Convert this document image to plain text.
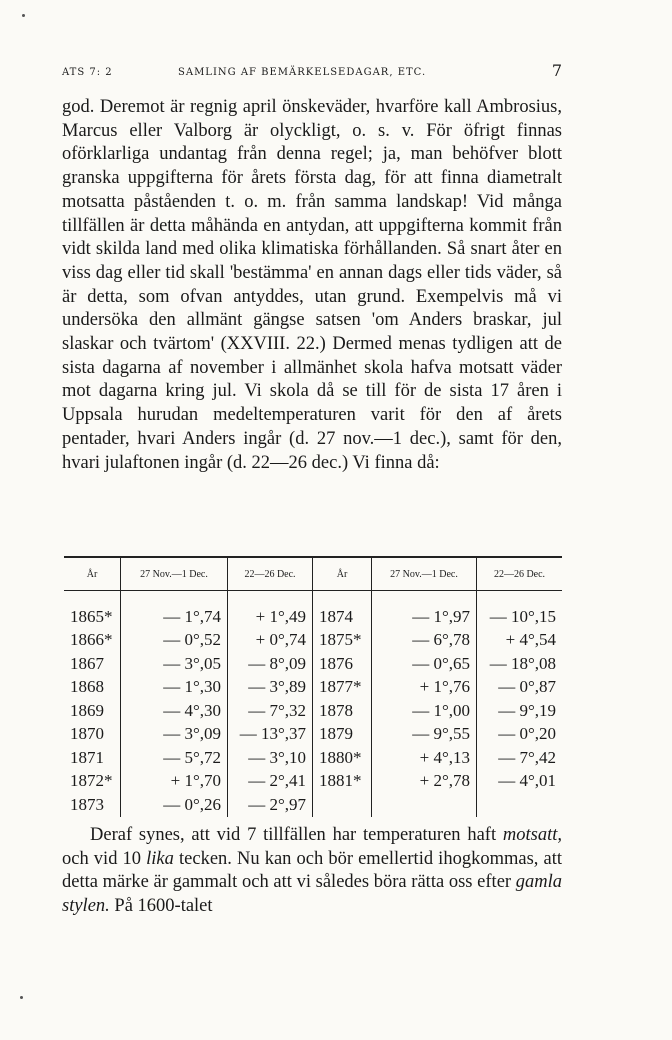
ATS 7: 2	SAMLING AF BEMÄRKELSEDAGAR, ETC.	7

god. Deremot är regnig april önskeväder, hvarföre kall Ambrosius, Marcus eller Valborg är olyckligt, o. s. v. För öfrigt finnas oförklarliga undantag från denna regel; ja, man behöfver blott granska uppgifterna för årets första dag, för att finna diametralt motsatta påståenden t. o. m. från samma landskap! Vid många tillfällen är detta måhända en antydan, att uppgifterna kommit från vidt skilda land med olika klimatiska förhållanden. Så snart åter en viss dag eller tid skall 'bestämma' en annan dags eller tids väder, så är detta, som ofvan antyddes, utan grund. Exempelvis må vi undersöka den allmänt gängse satsen 'om Anders braskar, jul slaskar och tvärtom' (XXVIII. 22.) Dermed menas tydligen att de sista dagarna af november i allmänhet skola hafva motsatt väder mot dagarna kring jul. Vi skola då se till för de sista 17 åren i Uppsala hurudan medeltemperaturen varit för den af årets pentader, hvari Anders ingår (d. 27 nov.—1 dec.), samt för den, hvari julaftonen ingår (d. 22—26 dec.) Vi finna då:

År	27 Nov.—1 Dec.	22—26 Dec.	År	27 Nov.—1 Dec.	22—26 Dec.
1865*	— 1°,74	+ 1°,49	1874	— 1°,97	— 10°,15
1866*	— 0°,52	+ 0°,74	1875*	— 6°,78	+ 4°,54
1867	— 3°,05	— 8°,09	1876	— 0°,65	— 18°,08
1868	— 1°,30	— 3°,89	1877*	+ 1°,76	— 0°,87
1869	— 4°,30	— 7°,32	1878	— 1°,00	— 9°,19
1870	— 3°,09	— 13°,37	1879	— 9°,55	— 0°,20
1871	— 5°,72	— 3°,10	1880*	+ 4°,13	— 7°,42
1872*	+ 1°,70	— 2°,41	1881*	+ 2°,78	— 4°,01
1873	— 0°,26	— 2°,97			

Deraf synes, att vid 7 tillfällen har temperaturen haft motsatt, och vid 10 lika tecken. Nu kan och bör emellertid ihogkommas, att detta märke är gammalt och att vi således böra rätta oss efter gamla stylen. På 1600-talet
